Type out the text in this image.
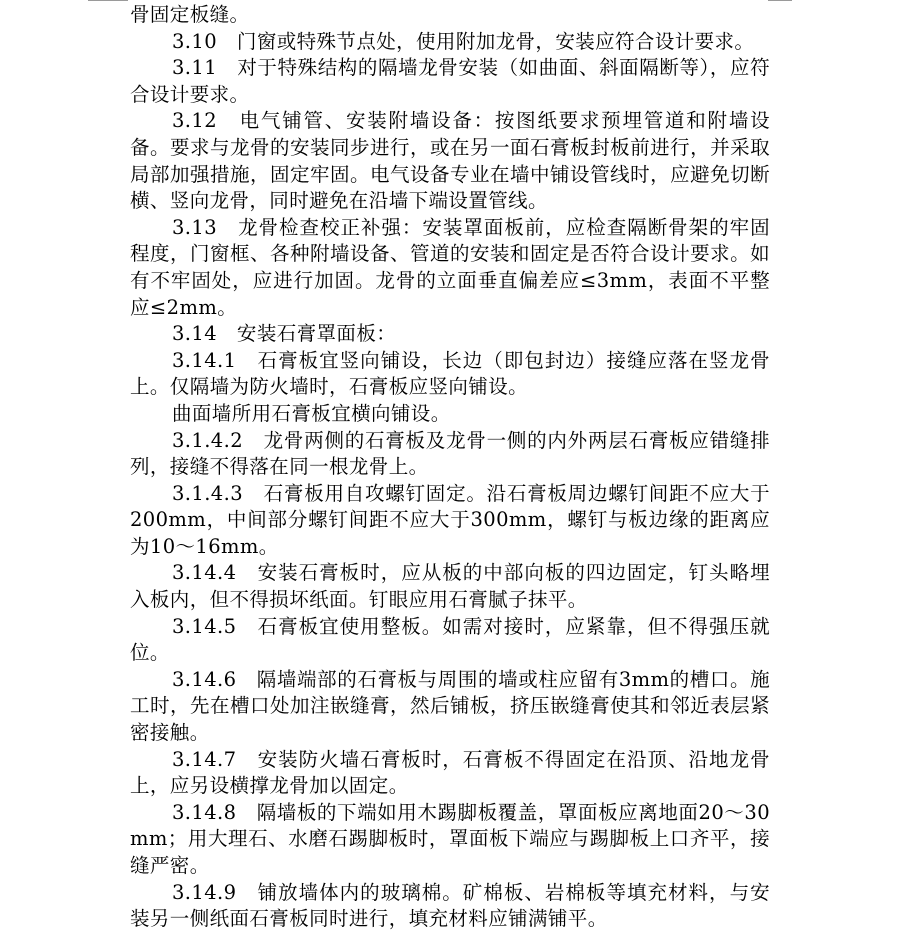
骨固定板缝。

3.10　门窗或特殊节点处，使用附加龙骨，安装应符合设计要求。

3.11　对于特殊结构的隔墙龙骨安装（如曲面、斜面隔断等），应符合设计要求。

3.12　电气铺管、安装附墙设备：按图纸要求预埋管道和附墙设备。要求与龙骨的安装同步进行，或在另一面石膏板封板前进行，并采取局部加强措施，固定牢固。电气设备专业在墙中铺设管线时，应避免切断横、竖向龙骨，同时避免在沿墙下端设置管线。

3.13　龙骨检查校正补强：安装罩面板前，应检查隔断骨架的牢固程度，门窗框、各种附墙设备、管道的安装和固定是否符合设计要求。如有不牢固处，应进行加固。龙骨的立面垂直偏差应≤3mm，表面不平整应≤2mm。

3.14　安装石膏罩面板：

3.14.1　石膏板宜竖向铺设，长边（即包封边）接缝应落在竖龙骨上。仅隔墙为防火墙时，石膏板应竖向铺设。

曲面墙所用石膏板宜横向铺设。

3.1.4.2　龙骨两侧的石膏板及龙骨一侧的内外两层石膏板应错缝排列，接缝不得落在同一根龙骨上。

3.1.4.3　石膏板用自攻螺钉固定。沿石膏板周边螺钉间距不应大于200mm，中间部分螺钉间距不应大于300mm，螺钉与板边缘的距离应为10～16mm。

3.14.4　安装石膏板时，应从板的中部向板的四边固定，钉头略埋入板内，但不得损坏纸面。钉眼应用石膏腻子抹平。

3.14.5　石膏板宜使用整板。如需对接时，应紧靠，但不得强压就位。

3.14.6　隔墙端部的石膏板与周围的墙或柱应留有3mm的槽口。施工时，先在槽口处加注嵌缝膏，然后铺板，挤压嵌缝膏使其和邻近表层紧密接触。

3.14.7　安装防火墙石膏板时，石膏板不得固定在沿顶、沿地龙骨上，应另设横撑龙骨加以固定。

3.14.8　隔墙板的下端如用木踢脚板覆盖，罩面板应离地面20～30mm；用大理石、水磨石踢脚板时，罩面板下端应与踢脚板上口齐平，接缝严密。

3.14.9　铺放墙体内的玻璃棉。矿棉板、岩棉板等填充材料，与安装另一侧纸面石膏板同时进行，填充材料应铺满铺平。
